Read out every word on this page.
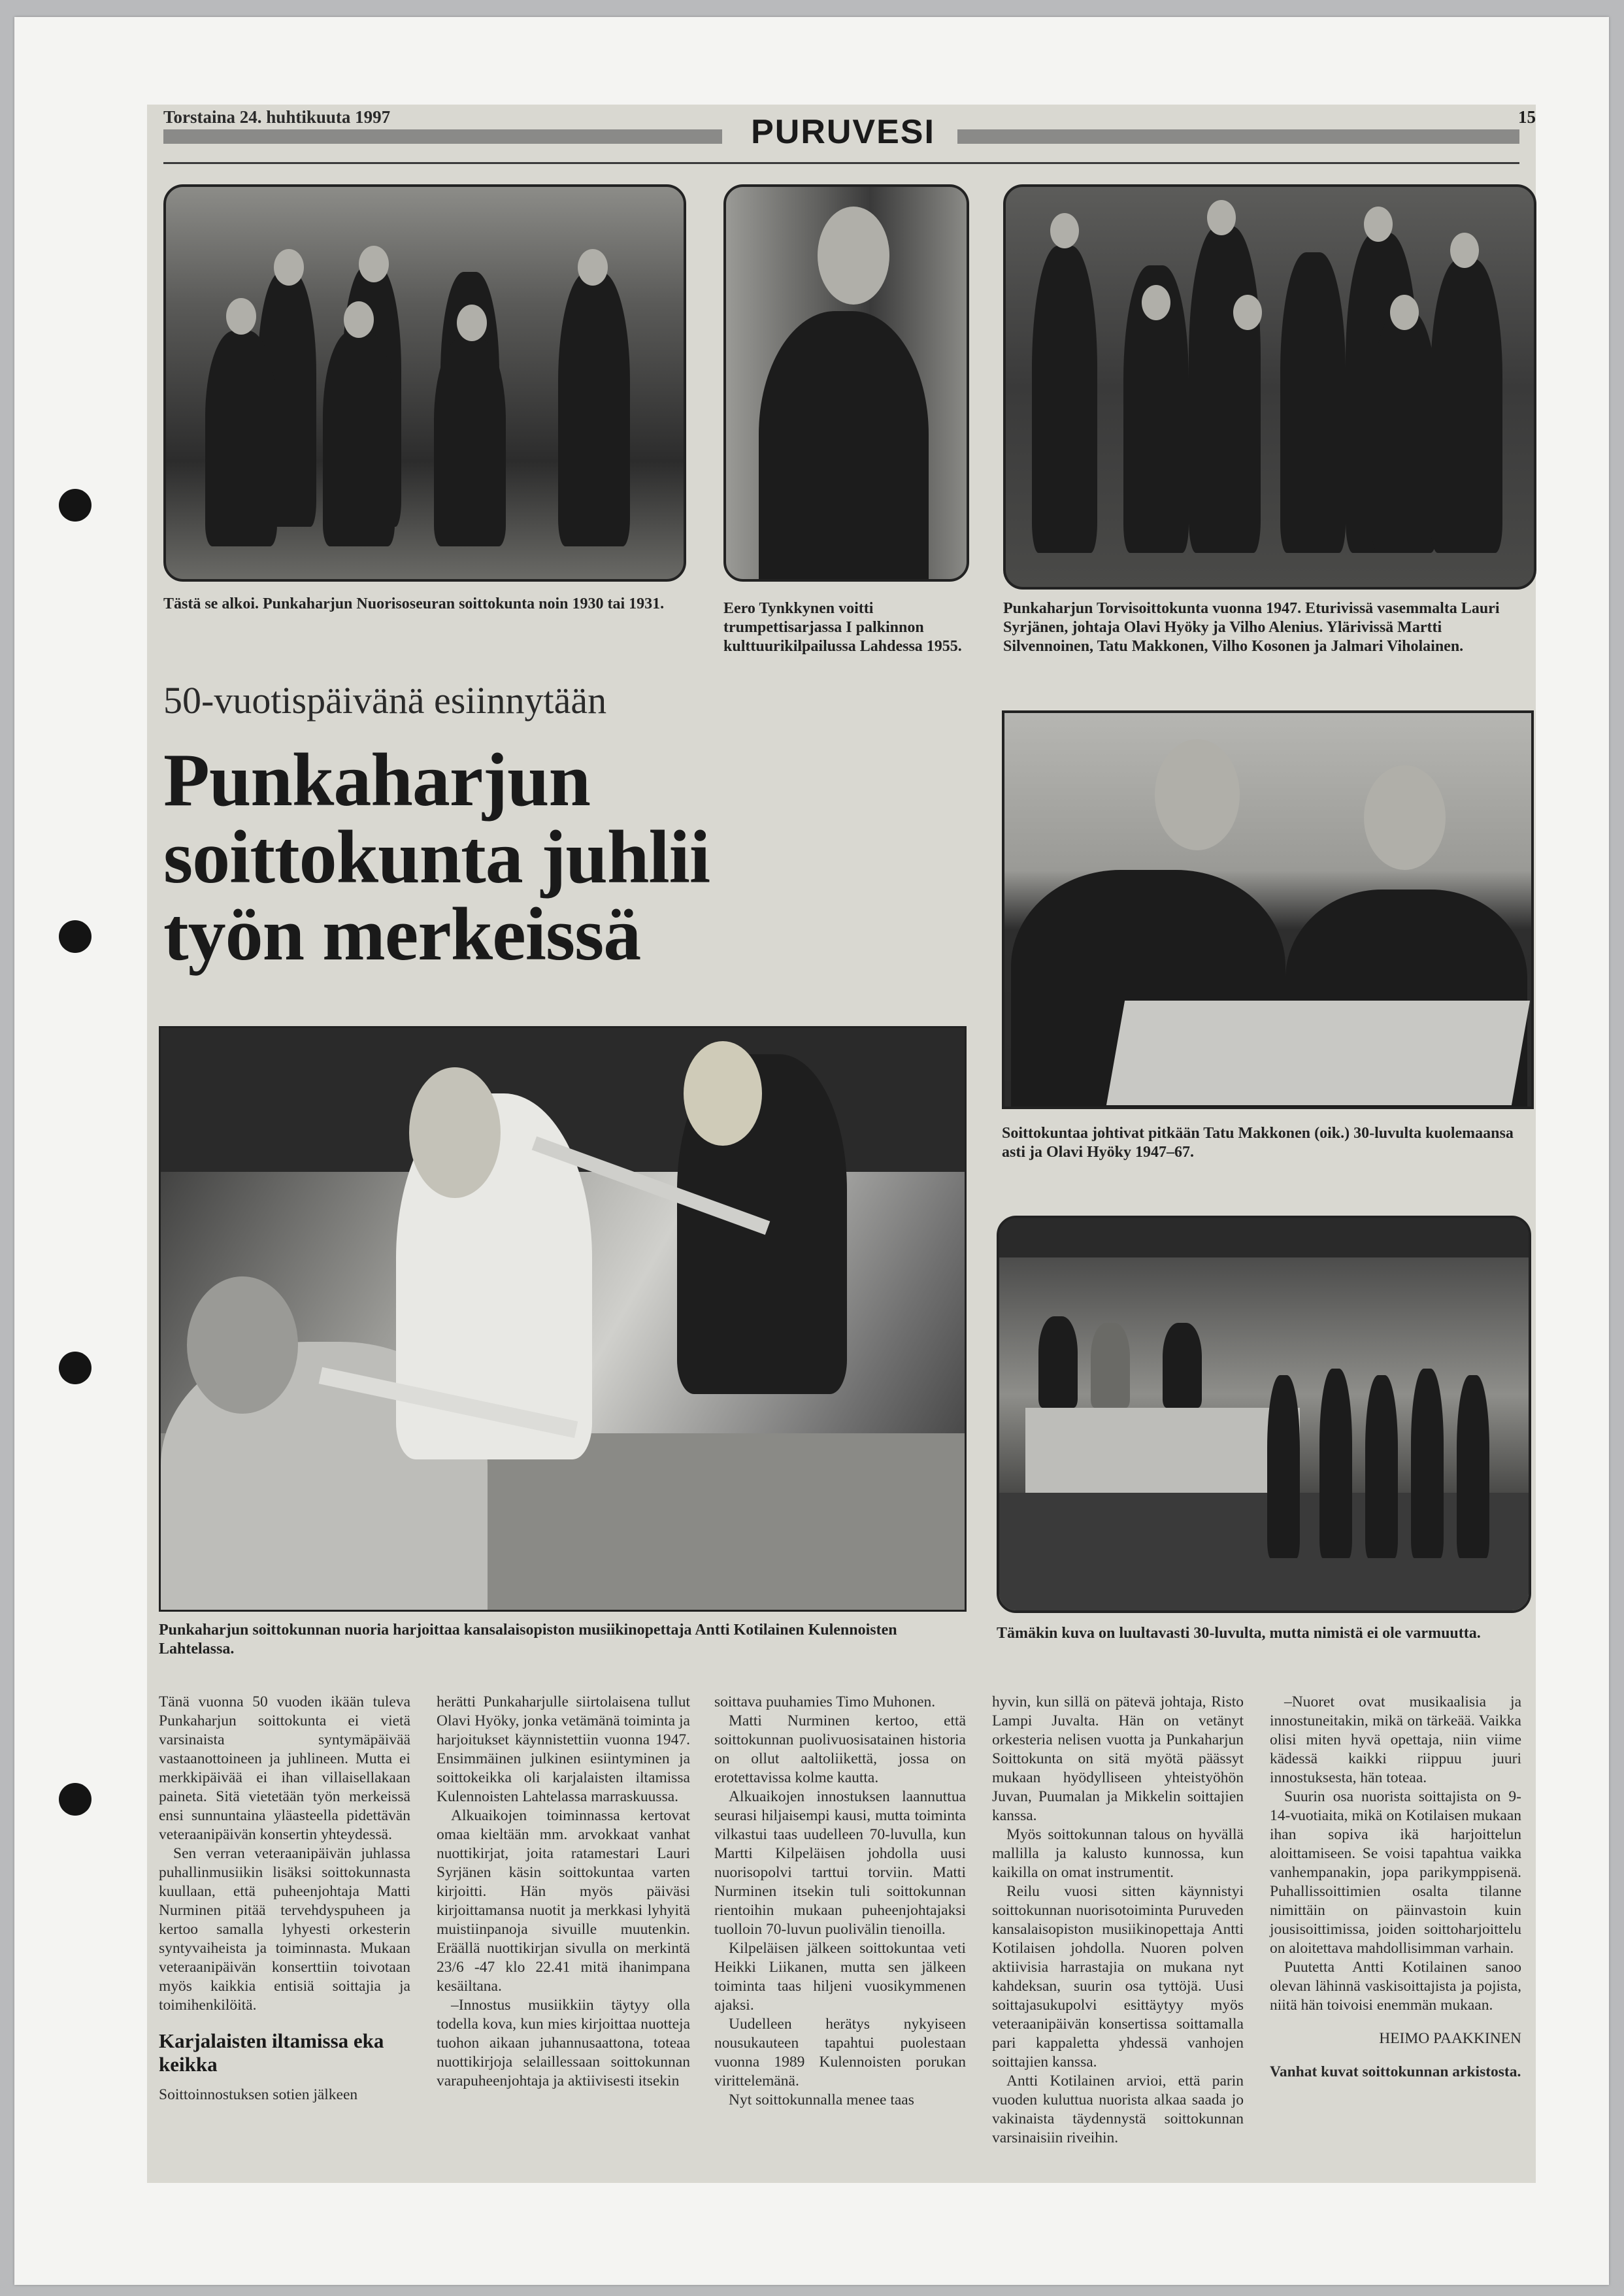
Torstaina 24. huhtikuuta 1997	PURUVESI	15
Tästä se alkoi. Punkaharjun Nuorisoseuran soittokunta noin 1930 tai 1931.	Eero Tynkkynen voitti trumpettisarjassa I palkinnon kulttuurikilpailussa Lahdessa 1955.
Punkaharjun Torvisoittokunta vuonna 1947. Eturivissä vasemmalta Lauri Syrjänen, johtaja Olavi Hyöky ja Vilho Alenius. Ylärivissä Martti Silvennoinen, Tatu Makkonen, Vilho Kosonen ja Jalmari Viholainen.
50-vuotispäivänä esiinnytään
Punkaharjun
soittokunta juhlii
työn merkeissä
Soittokuntaa johtivat pitkään Tatu Makkonen (oik.) 30-luvulta kuolemaansa asti ja Olavi Hyöky 1947–67.
Punkaharjun soittokunnan nuoria harjoittaa kansalaisopiston musiikinopettaja Antti Kotilainen Kulennoisten Lahtelassa.
Tämäkin kuva on luultavasti 30-luvulta, mutta nimistä ei ole varmuutta.

Tänä vuonna 50 vuoden ikään tuleva Punkaharjun soittokunta ei vietä varsinaista syntymäpäivää vastaanottoineen ja juhlineen. Mutta ei merkkipäivää ei ihan villaisellakaan paineta. Sitä vietetään työn merkeissä ensi sunnuntaina yläasteella pidettävän veteraanipäivän konsertin yhteydessä.

Sen verran veteraanipäivän juhlassa puhallinmusiikin lisäksi soittokunnasta kuullaan, että puheenjohtaja Matti Nurminen pitää tervehdyspuheen ja kertoo samalla lyhyesti orkesterin syntyvaiheista ja toiminnasta. Mukaan veteraanipäivän konserttiin toivotaan myös kaikkia entisiä soittajia ja toimihenkilöitä.

Karjalaisten iltamissa eka keikka

Soittoinnostuksen sotien jälkeen

herätti Punkaharjulle siirtolaisena tullut Olavi Hyöky, jonka vetämänä toiminta ja harjoitukset käynnistettiin vuonna 1947. Ensimmäinen julkinen esiintyminen ja soittokeikka oli karjalaisten iltamissa Kulennoisten Lahtelassa marraskuussa.

Alkuaikojen toiminnassa kertovat omaa kieltään mm. arvokkaat vanhat nuottikirjat, joita ratamestari Lauri Syrjänen käsin soittokuntaa varten kirjoitti. Hän myös päiväsi kirjoittamansa nuotit ja merkkasi lyhyitä muistiinpanoja sivuille muutenkin. Eräällä nuottikirjan sivulla on merkintä 23/6 -47 klo 22.41 mitä ihanimpana kesäiltana.

–Innostus musiikkiin täytyy olla todella kova, kun mies kirjoittaa nuotteja tuohon aikaan juhannusaattona, toteaa nuottikirjoja selaillessaan soittokunnan varapuheenjohtaja ja aktiivisesti itsekin

soittava puuhamies Timo Muhonen.

Matti Nurminen kertoo, että soittokunnan puolivuosisatainen historia on ollut aaltoliikettä, jossa on erotettavissa kolme kautta.

Alkuaikojen innostuksen laannuttua seurasi hiljaisempi kausi, mutta toiminta vilkastui taas uudelleen 70-luvulla, kun Martti Kilpeläisen johdolla uusi nuorisopolvi tarttui torviin. Matti Nurminen itsekin tuli soittokunnan rientoihin mukaan puheenjohtajaksi tuolloin 70-luvun puolivälin tienoilla.

Kilpeläisen jälkeen soittokuntaa veti Heikki Liikanen, mutta sen jälkeen toiminta taas hiljeni vuosikymmenen ajaksi.

Uudelleen herätys nykyiseen nousukauteen tapahtui puolestaan vuonna 1989 Kulennoisten porukan virittelemänä.

Nyt soittokunnalla menee taas

hyvin, kun sillä on pätevä johtaja, Risto Lampi Juvalta. Hän on vetänyt orkesteria nelisen vuotta ja Punkaharjun Soittokunta on sitä myötä päässyt mukaan hyödylliseen yhteistyöhön Juvan, Puumalan ja Mikkelin soittajien kanssa.

Myös soittokunnan talous on hyvällä mallilla ja kalusto kunnossa, kun kaikilla on omat instrumentit.

Reilu vuosi sitten käynnistyi soittokunnan nuorisotoiminta Puruveden kansalaisopiston musiikinopettaja Antti Kotilaisen johdolla. Nuoren polven aktiivisia harrastajia on mukana nyt kahdeksan, suurin osa tyttöjä. Uusi soittajasukupolvi esittäytyy myös veteraanipäivän konsertissa soittamalla pari kappaletta yhdessä vanhojen soittajien kanssa.

Antti Kotilainen arvioi, että parin vuoden kuluttua nuorista alkaa saada jo vakinaista täydennystä soittokunnan varsinaisiin riveihin.

–Nuoret ovat musikaalisia ja innostuneitakin, mikä on tärkeää. Vaikka olisi miten hyvä opettaja, niin viime kädessä kaikki riippuu juuri innostuksesta, hän toteaa.

Suurin osa nuorista soittajista on 9-14-vuotiaita, mikä on Kotilaisen mukaan ihan sopiva ikä harjoittelun aloittamiseen. Se voisi tapahtua vaikka vanhempanakin, jopa parikymppisenä. Puhallissoittimien osalta tilanne nimittäin on päinvastoin kuin jousisoittimissa, joiden soittoharjoittelu on aloitettava mahdollisimman varhain.

Puutetta Antti Kotilainen sanoo olevan lähinnä vaskisoittajista ja pojista, niitä hän toivoisi enemmän mukaan.

HEIMO PAAKKINEN

Vanhat kuvat soittokunnan arkistosta.
